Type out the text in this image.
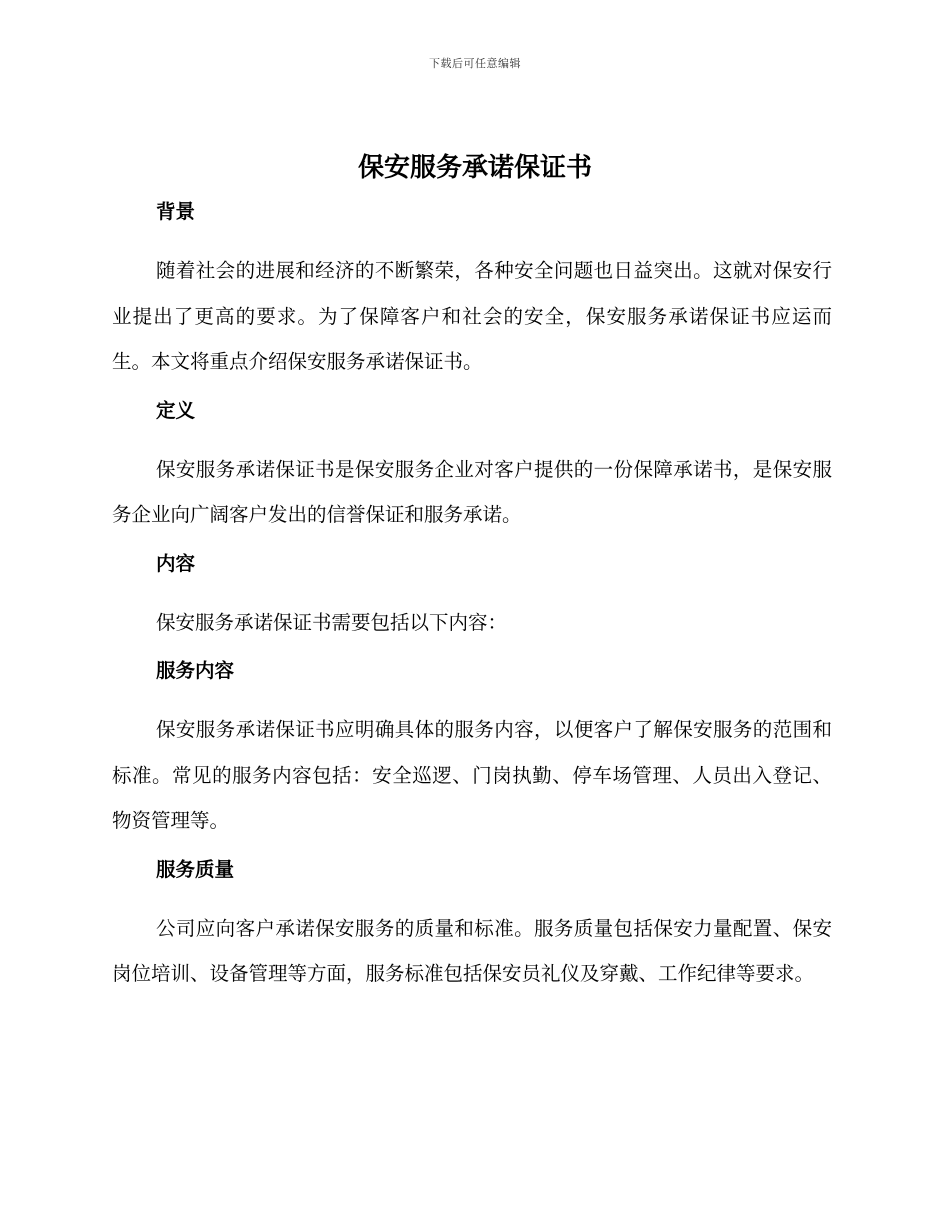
下载后可任意编辑
保安服务承诺保证书
背景

随着社会的进展和经济的不断繁荣，各种安全问题也日益突出。这就对保安行业提出了更高的要求。为了保障客户和社会的安全，保安服务承诺保证书应运而生。本文将重点介绍保安服务承诺保证书。

定义

保安服务承诺保证书是保安服务企业对客户提供的一份保障承诺书，是保安服务企业向广阔客户发出的信誉保证和服务承诺。

内容

保安服务承诺保证书需要包括以下内容：

服务内容

保安服务承诺保证书应明确具体的服务内容，以便客户了解保安服务的范围和标准。常见的服务内容包括：安全巡逻、门岗执勤、停车场管理、人员出入登记、物资管理等。

服务质量

公司应向客户承诺保安服务的质量和标准。服务质量包括保安力量配置、保安岗位培训、设备管理等方面，服务标准包括保安员礼仪及穿戴、工作纪律等要求。
